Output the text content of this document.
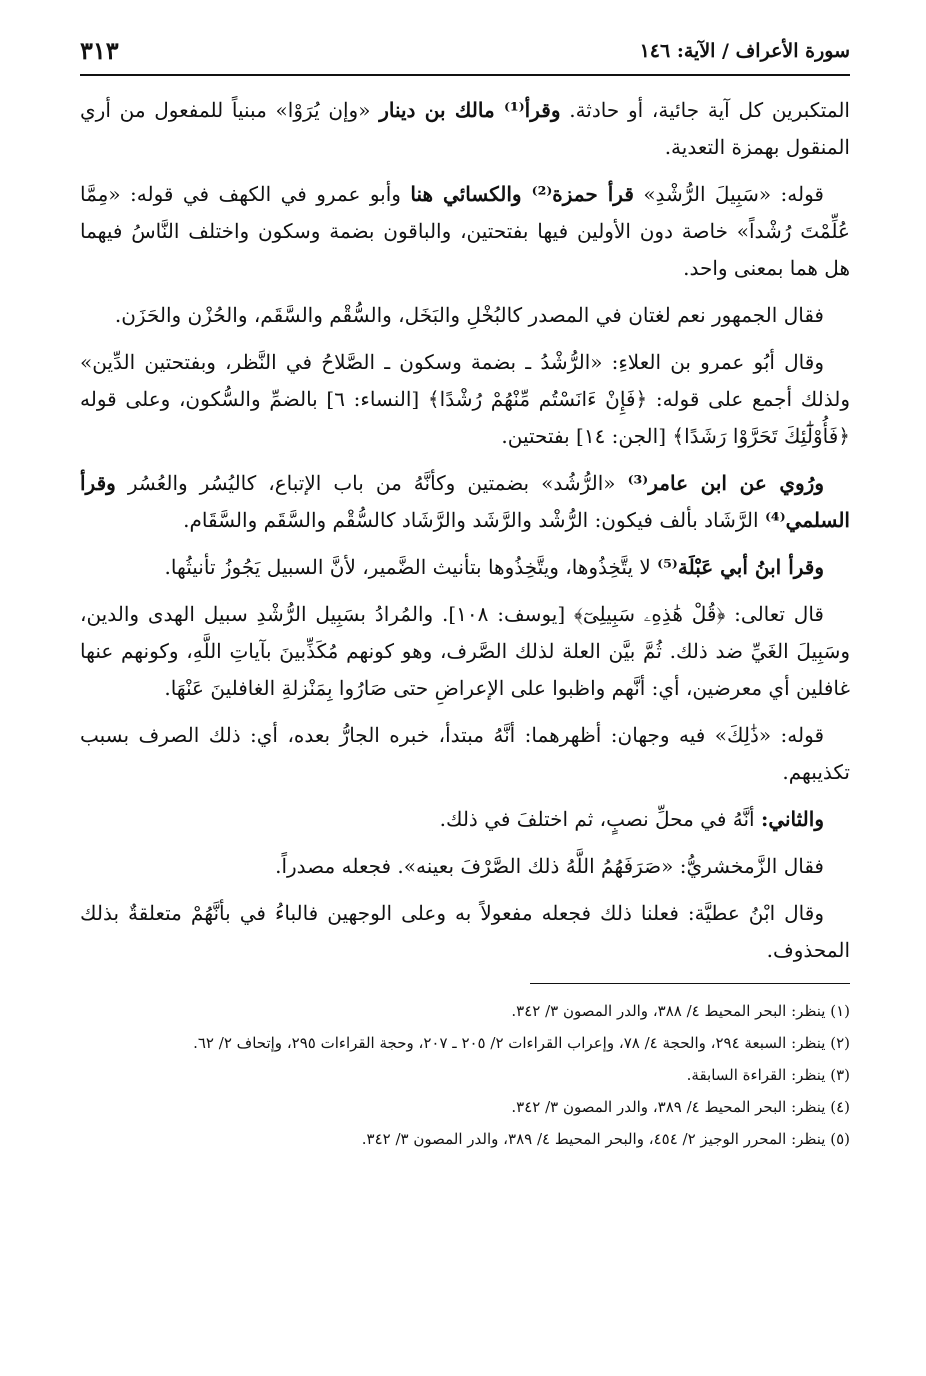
سورة الأعراف / الآية: ١٤٦
٣١٣

المتكبرين كل آية جائية، أو حادثة. وقرأ⁽¹⁾ مالك بن دينار «وإن يُرَوْا» مبنياً للمفعول من أري المنقول بهمزة التعدية.

قوله: «سَبِيلَ الرُّشْدِ» قرأ حمزة⁽²⁾ والكسائي هنا وأبو عمرو في الكهف في قوله: «مِمَّا عُلِّمْتَ رُشْداً» خاصة دون الأولين فيها بفتحتين، والباقون بضمة وسكون واختلف النَّاسُ فيهما هل هما بمعنى واحد.

فقال الجمهور نعم لغتان في المصدر كالبُخْلِ والبَخَل، والسُّقْم والسَّقَم، والحُزْن والحَزَن.

وقال أبُو عمرو بن العلاءِ: «الرُّشْدُ ـ بضمة وسكون ـ الصَّلاحُ في النَّظر، وبفتحتين الدِّين» ولذلك أجمع على قوله: ﴿فَإِنْ ءَانَسْتُم مِّنْهُمْ رُشْدًا﴾ [النساء: ٦] بالضمِّ والسُّكون، وعلى قوله ﴿فَأُوْلَٰٓئِكَ تَحَرَّوْا رَشَدًا﴾ [الجن: ١٤] بفتحتين.

ورُوي عن ابن عامر⁽³⁾ «الرُّشُد» بضمتين وكأنَّهُ من باب الإتباع، كاليُسُر والعُسُر وقرأ السلمي⁽⁴⁾ الرَّشَاد بألف فيكون: الرُّشْد والرَّشَد والرَّشَاد كالسُّقْم والسَّقَم والسَّقَام.

وقرأ ابنُ أبي عَبْلَة⁽⁵⁾ لا يتَّخِذُوها، ويتَّخِذُوها بتأنيث الضَّمير، لأنَّ السبيل يَجُوزُ تأنيثُها.

قال تعالى: ﴿قُلْ هَٰذِهِۦ سَبِيلِىٓ﴾ [يوسف: ١٠٨]. والمُرادُ بسَبِيل الرُّشْدِ سبيل الهدى والدين، وسَبِيلَ الغَيِّ ضد ذلك. ثُمَّ بيَّن العلة لذلك الصَّرف، وهو كونهم مُكَذِّبينَ بآياتِ اللَّهِ، وكونهم عنها غافلين أي معرضين، أي: أنَّهم واظبوا على الإعراضِ حتى صَارُوا بِمَنْزلةِ الغافلينَ عَنْهَا.

قوله: «ذَٰلِكَ» فيه وجهان: أظهرهما: أنَّهُ مبتدأ، خبره الجارُّ بعده، أي: ذلك الصرف بسبب تكذيبهم.

والثاني: أنَّهُ في محلِّ نصبٍ، ثم اختلفَ في ذلك.

فقال الزَّمخشريُّ: «صَرَفَهُمُ اللَّهُ ذلك الصَّرْفَ بعينه». فجعله مصدراً.

وقال ابْنُ عطيَّة: فعلنا ذلك فجعله مفعولاً به وعلى الوجهين فالباءُ في بأنَّهُمْ متعلقةٌ بذلك المحذوف.

(١) ينظر: البحر المحيط ٤/ ٣٨٨، والدر المصون ٣/ ٣٤٢.
(٢) ينظر: السبعة ٢٩٤، والحجة ٤/ ٧٨، وإعراب القراءات ٢/ ٢٠٥ ـ ٢٠٧، وحجة القراءات ٢٩٥، وإتحاف ٢/ ٦٢.
(٣) ينظر: القراءة السابقة.
(٤) ينظر: البحر المحيط ٤/ ٣٨٩، والدر المصون ٣/ ٣٤٢.
(٥) ينظر: المحرر الوجيز ٢/ ٤٥٤، والبحر المحيط ٤/ ٣٨٩، والدر المصون ٣/ ٣٤٢.
